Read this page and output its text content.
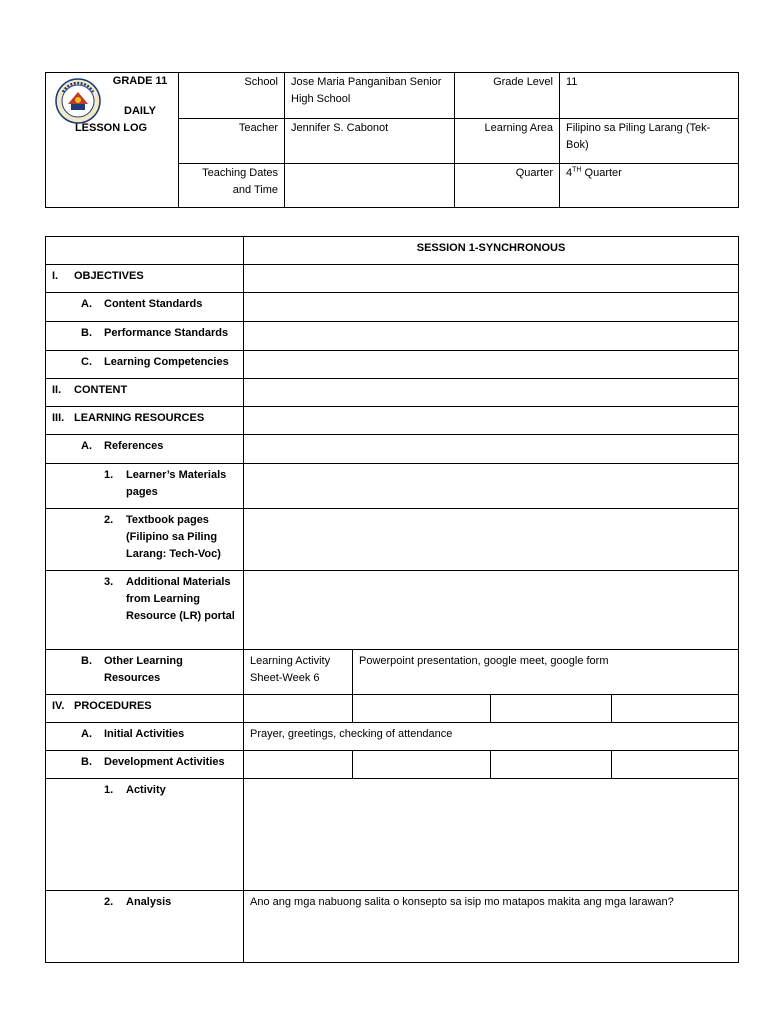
GRADE 11
DAILY
LESSON LOG	School	Jose Maria Panganiban Senior High School	Grade Level	11
	Teacher	Jennifer S. Cabonot	Learning Area	Filipino sa Piling Larang (Tek-Bok)
	Teaching Dates and Time		Quarter	4TH Quarter
	SESSION 1-SYNCHRONOUS			

I. OBJECTIVES				

A. Content Standards				

B. Performance Standards				

C. Learning Competencies				

II. CONTENT				

III. LEARNING RESOURCES				

A. References				

1. Learner’s Materials pages				

2. Textbook pages (Filipino sa Piling Larang: Tech-Voc)				

3. Additional Materials from Learning Resource (LR) portal				

B. Other Learning Resources	Learning Activity Sheet-Week 6	Powerpoint presentation, google meet, google form		

IV. PROCEDURES				

A. Initial Activities	Prayer, greetings, checking of attendance			

B. Development Activities				

1. Activity				

2. Analysis	Ano ang mga nabuong salita o konsepto sa isip mo matapos makita ang mga larawan?			
